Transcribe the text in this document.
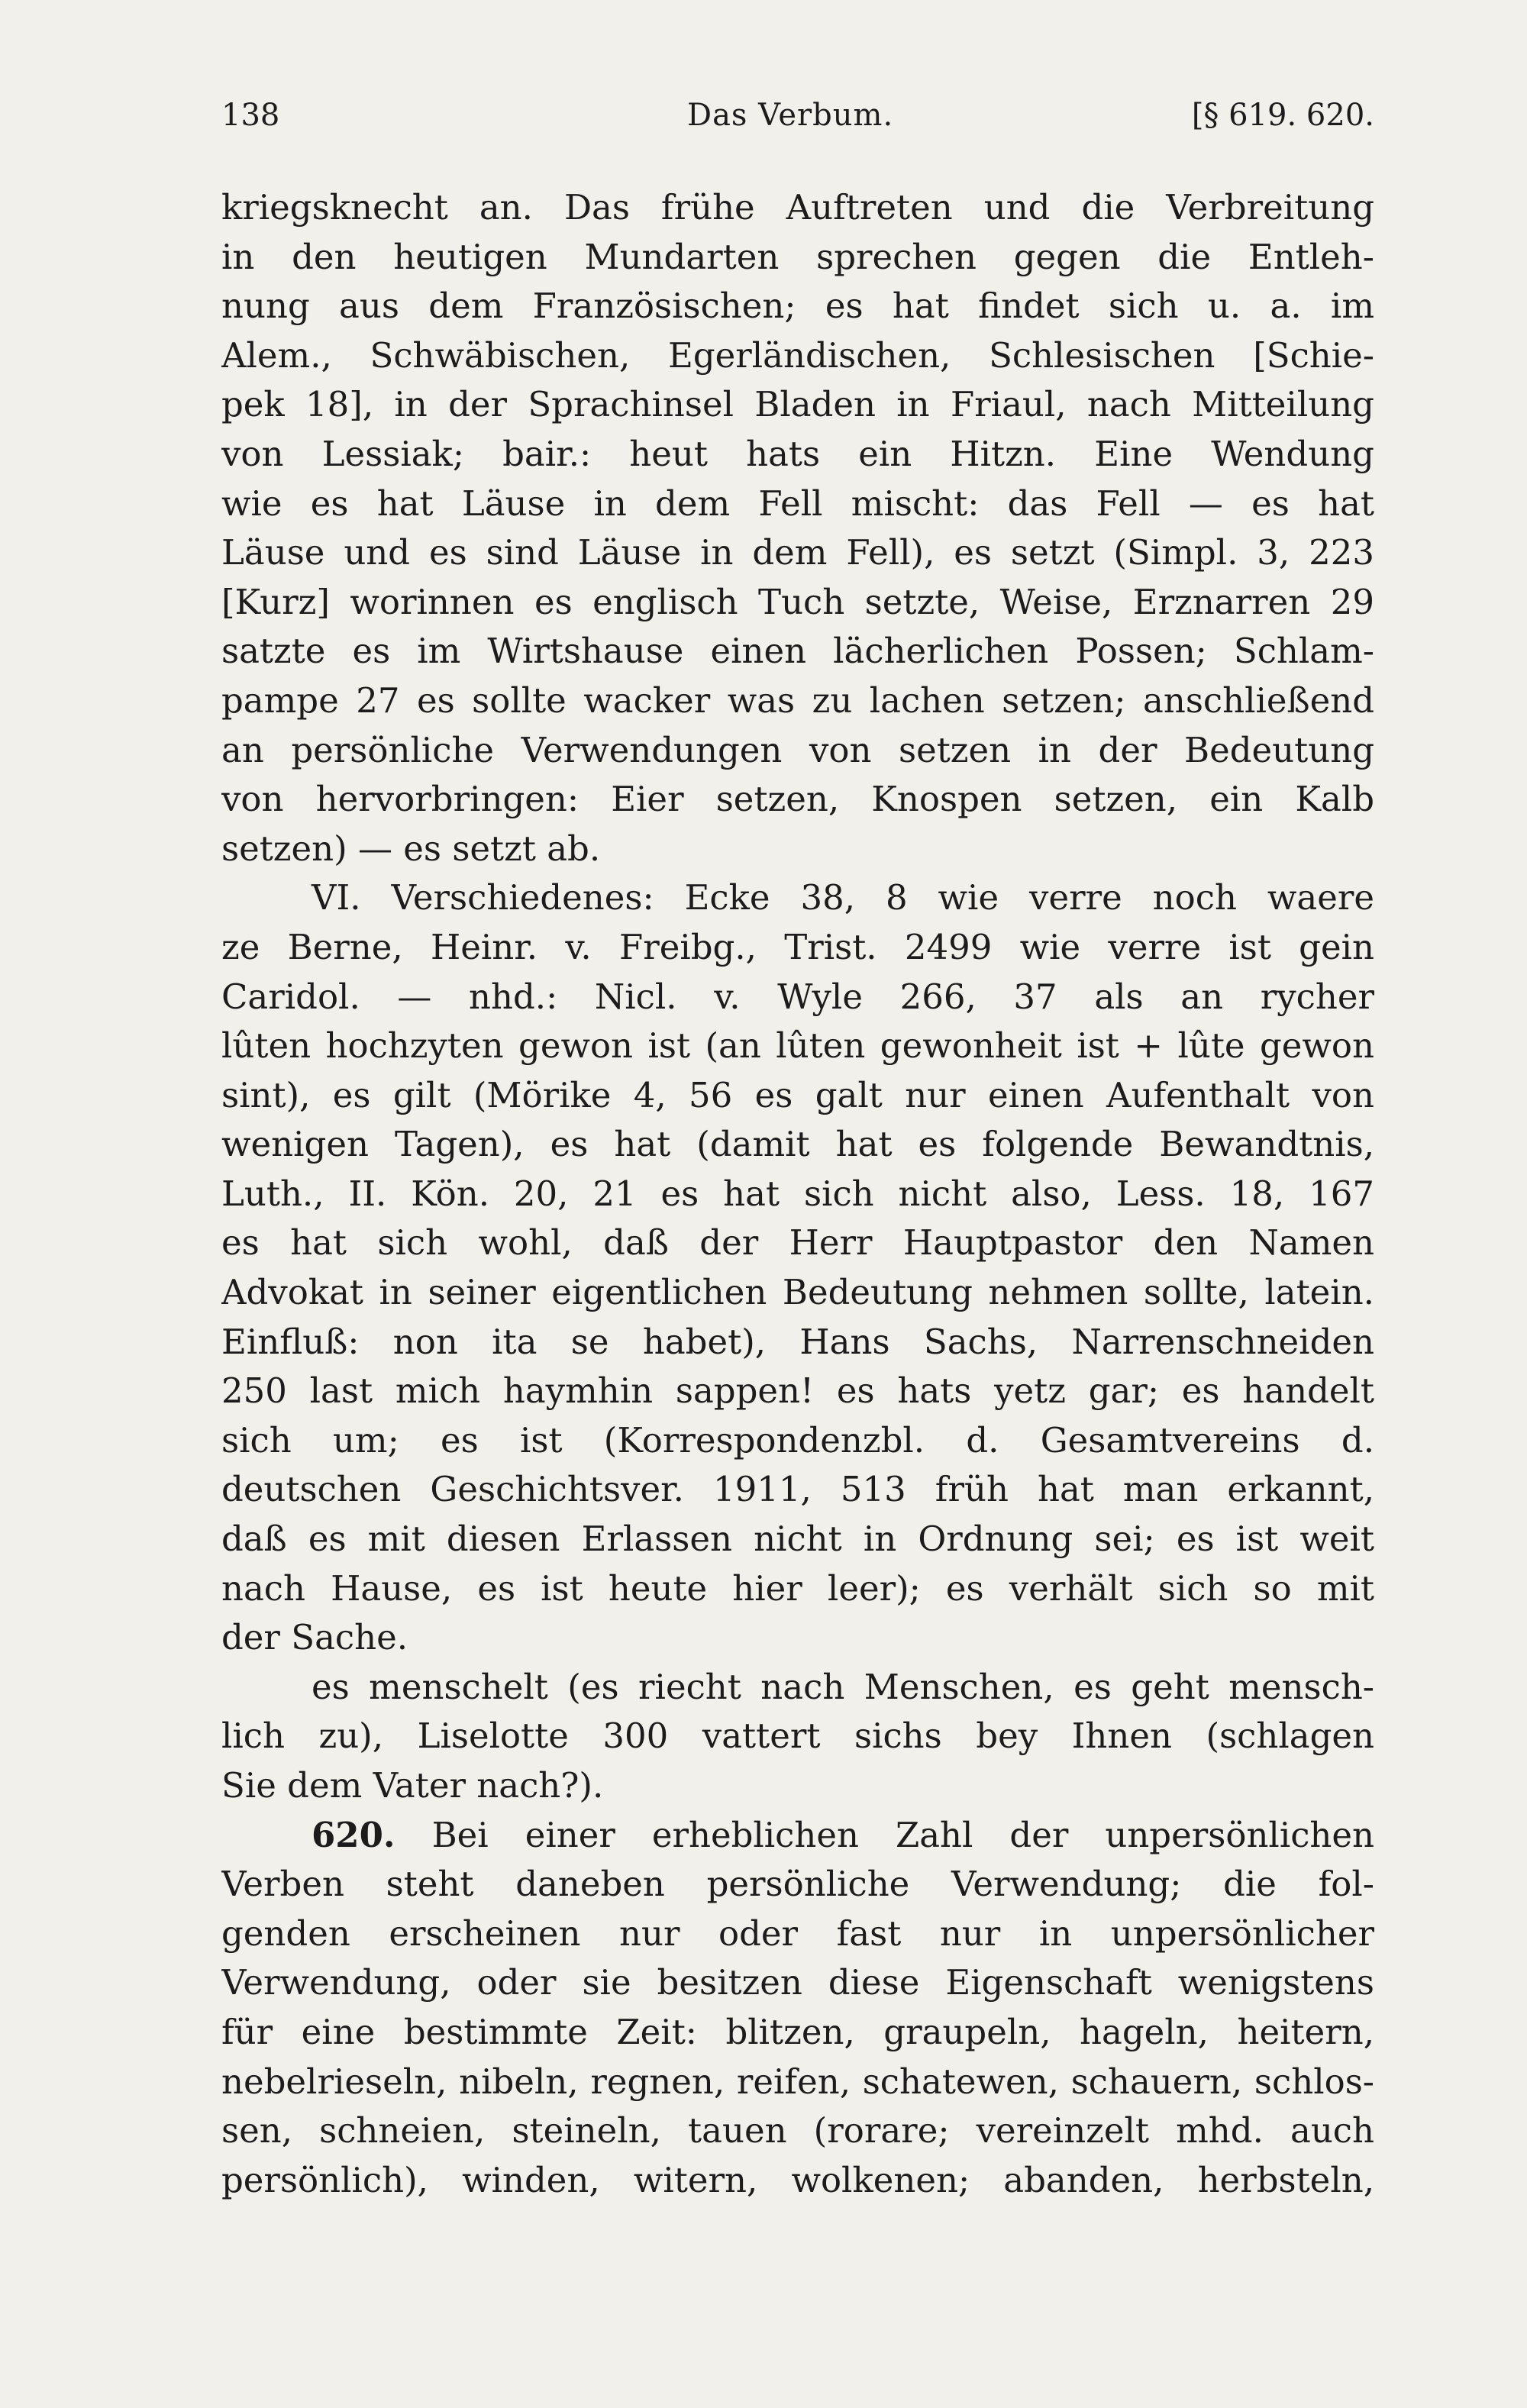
138	Das Verbum.	[§ 619. 620.
kriegsknecht an. Das frühe Auftreten und die Verbreitung
in den heutigen Mundarten sprechen gegen die Entleh-
nung aus dem Französischen; es hat findet sich u. a. im
Alem., Schwäbischen, Egerländischen, Schlesischen [Schie-
pek 18], in der Sprachinsel Bladen in Friaul, nach Mitteilung
von Lessiak; bair.: heut hats ein Hitzn. Eine Wendung
wie es hat Läuse in dem Fell mischt: das Fell — es hat
Läuse und es sind Läuse in dem Fell), es setzt (Simpl. 3, 223
[Kurz] worinnen es englisch Tuch setzte, Weise, Erznarren 29
satzte es im Wirtshause einen lächerlichen Possen; Schlam-
pampe 27 es sollte wacker was zu lachen setzen; anschließend
an persönliche Verwendungen von setzen in der Bedeutung
von hervorbringen: Eier setzen, Knospen setzen, ein Kalb
setzen) — es setzt ab.
VI. Verschiedenes: Ecke 38, 8 wie verre noch waere
ze Berne, Heinr. v. Freibg., Trist. 2499 wie verre ist gein
Caridol. — nhd.: Nicl. v. Wyle 266, 37 als an rycher
lûten hochzyten gewon ist (an lûten gewonheit ist + lûte gewon
sint), es gilt (Mörike 4, 56 es galt nur einen Aufenthalt von
wenigen Tagen), es hat (damit hat es folgende Bewandtnis,
Luth., II. Kön. 20, 21 es hat sich nicht also, Less. 18, 167
es hat sich wohl, daß der Herr Hauptpastor den Namen
Advokat in seiner eigentlichen Bedeutung nehmen sollte, latein.
Einfluß: non ita se habet), Hans Sachs, Narrenschneiden
250 last mich haymhin sappen! es hats yetz gar; es handelt
sich um; es ist (Korrespondenzbl. d. Gesamtvereins d.
deutschen Geschichtsver. 1911, 513 früh hat man erkannt,
daß es mit diesen Erlassen nicht in Ordnung sei; es ist weit
nach Hause, es ist heute hier leer); es verhält sich so mit
der Sache.
es menschelt (es riecht nach Menschen, es geht mensch-
lich zu), Liselotte 300 vattert sichs bey Ihnen (schlagen
Sie dem Vater nach?).
620. Bei einer erheblichen Zahl der unpersönlichen
Verben steht daneben persönliche Verwendung; die fol-
genden erscheinen nur oder fast nur in unpersönlicher
Verwendung, oder sie besitzen diese Eigenschaft wenigstens
für eine bestimmte Zeit: blitzen, graupeln, hageln, heitern,
nebelrieseln, nibeln, regnen, reifen, schatewen, schauern, schlos-
sen, schneien, steineln, tauen (rorare; vereinzelt mhd. auch
persönlich), winden, witern, wolkenen; abanden, herbsteln,
